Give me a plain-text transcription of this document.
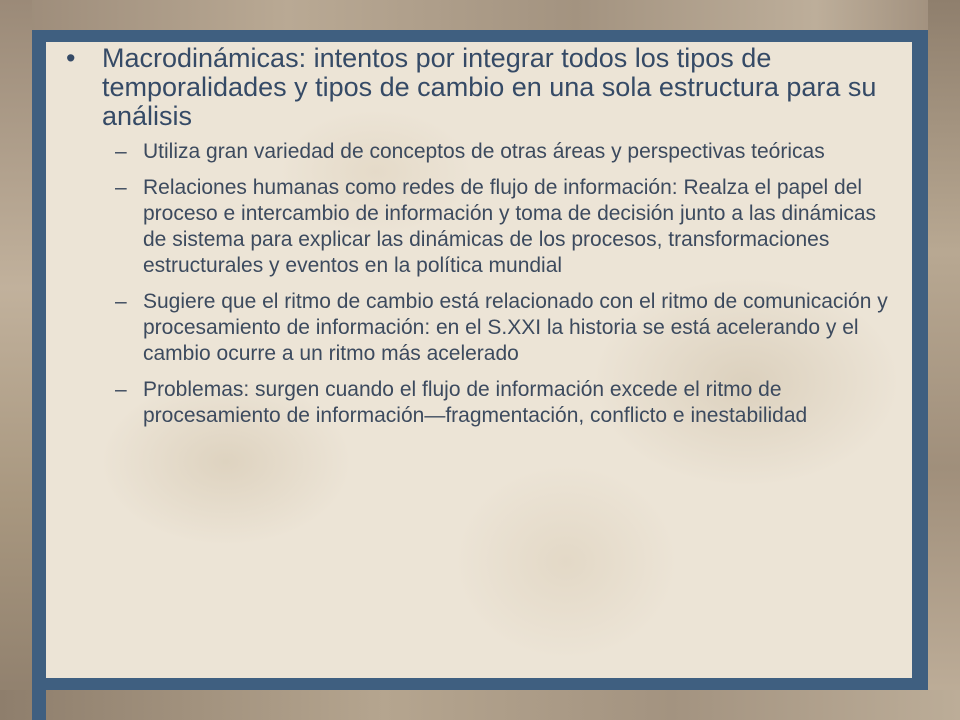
• Macrodinámicas: intentos por integrar todos los tipos de temporalidades y tipos de cambio en una sola estructura para su análisis
– Utiliza gran variedad de conceptos de otras áreas y perspectivas teóricas
– Relaciones humanas como redes de flujo de información: Realza el papel del proceso e intercambio de información y toma de decisión junto a las dinámicas de sistema para explicar las dinámicas de los procesos, transformaciones estructurales y eventos en la política mundial
– Sugiere que el ritmo de cambio está relacionado con el ritmo de comunicación y procesamiento de información: en el S.XXI la historia se está acelerando y el cambio ocurre a un ritmo más acelerado
– Problemas: surgen cuando el flujo de información excede el ritmo de procesamiento de información—fragmentación, conflicto e inestabilidad
